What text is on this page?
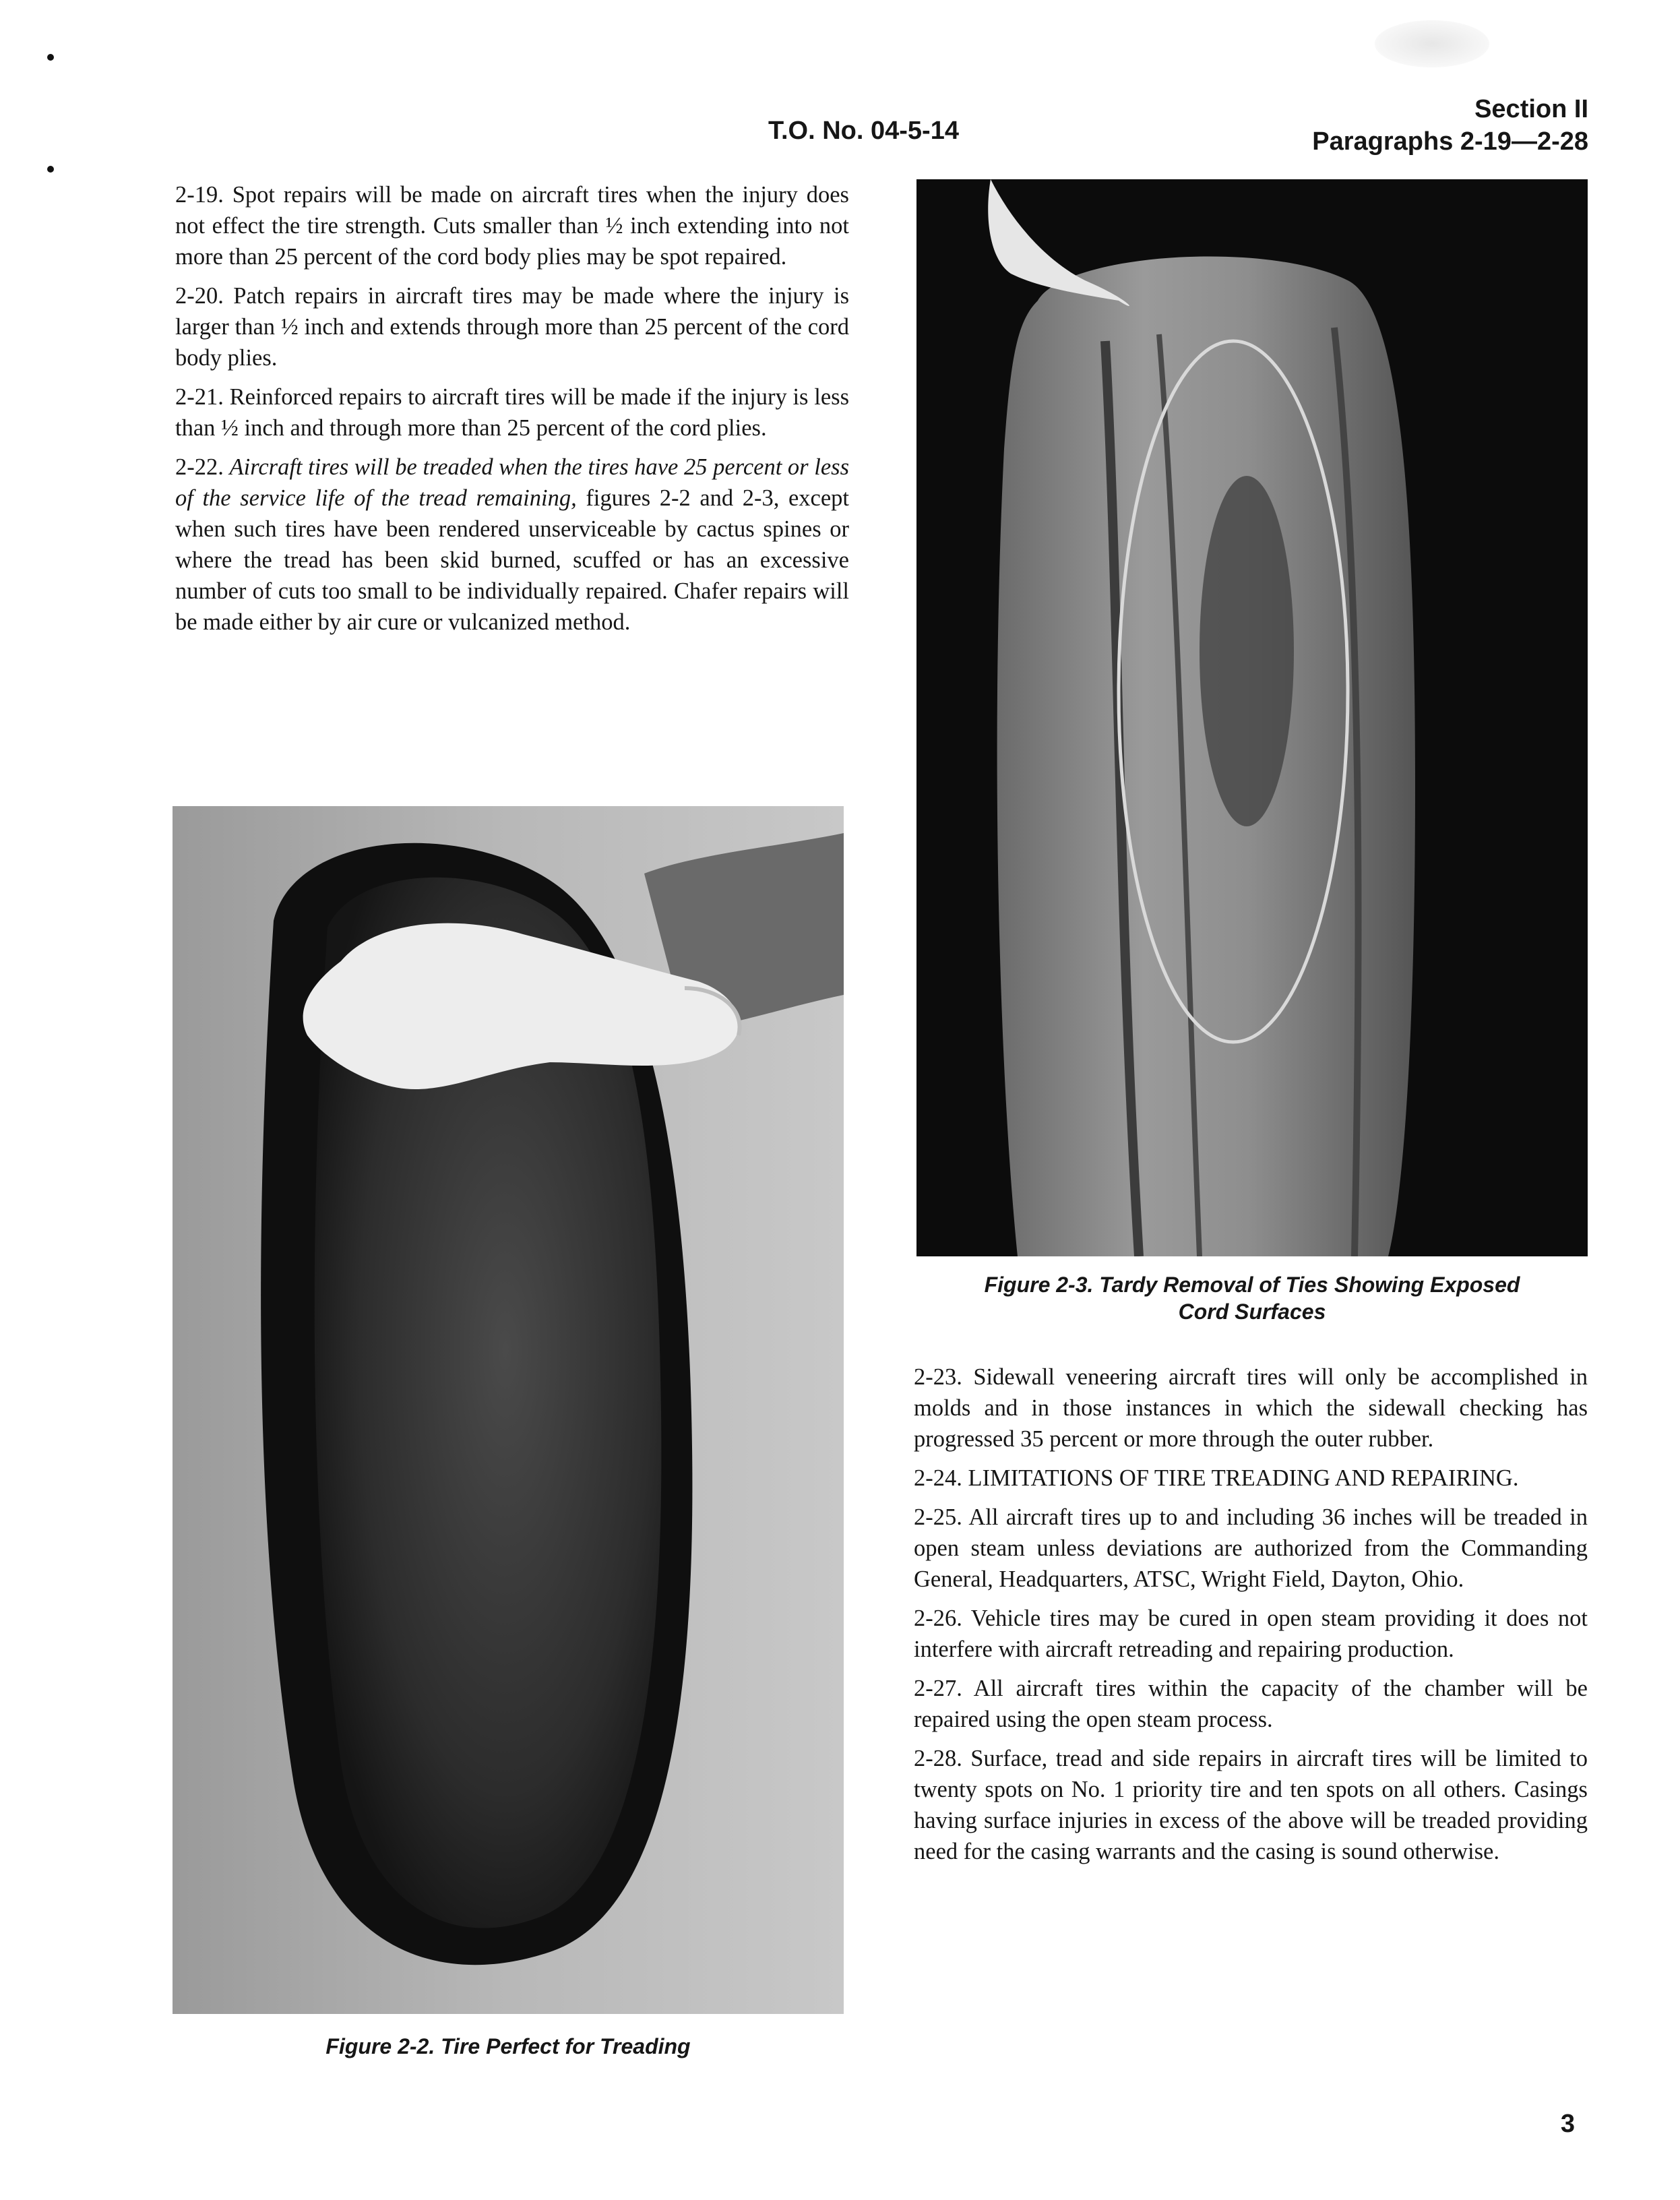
T.O. No. 04-5-14
Section II
Paragraphs 2-19—2-28

2-19. Spot repairs will be made on aircraft tires when the injury does not effect the tire strength. Cuts smaller than ½ inch extending into not more than 25 percent of the cord body plies may be spot repaired.

2-20. Patch repairs in aircraft tires may be made where the injury is larger than ½ inch and extends through more than 25 percent of the cord body plies.

2-21. Reinforced repairs to aircraft tires will be made if the injury is less than ½ inch and through more than 25 percent of the cord plies.

2-22. Aircraft tires will be treaded when the tires have 25 percent or less of the service life of the tread remaining, figures 2-2 and 2-3, except when such tires have been rendered unserviceable by cactus spines or where the tread has been skid burned, scuffed or has an excessive number of cuts too small to be individually repaired. Chafer repairs will be made either by air cure or vulcanized method.

Figure 2-2. Tire Perfect for Treading
Figure 2-3. Tardy Removal of Ties Showing Exposed
Cord Surfaces

2-23. Sidewall veneering aircraft tires will only be accomplished in molds and in those instances in which the sidewall checking has progressed 35 percent or more through the outer rubber.

2-24. LIMITATIONS OF TIRE TREADING AND REPAIRING.

2-25. All aircraft tires up to and including 36 inches will be treaded in open steam unless deviations are authorized from the Commanding General, Headquarters, ATSC, Wright Field, Dayton, Ohio.

2-26. Vehicle tires may be cured in open steam providing it does not interfere with aircraft retreading and repairing production.

2-27. All aircraft tires within the capacity of the chamber will be repaired using the open steam process.

2-28. Surface, tread and side repairs in aircraft tires will be limited to twenty spots on No. 1 priority tire and ten spots on all others. Casings having surface injuries in excess of the above will be treaded providing need for the casing warrants and the casing is sound otherwise.

3
